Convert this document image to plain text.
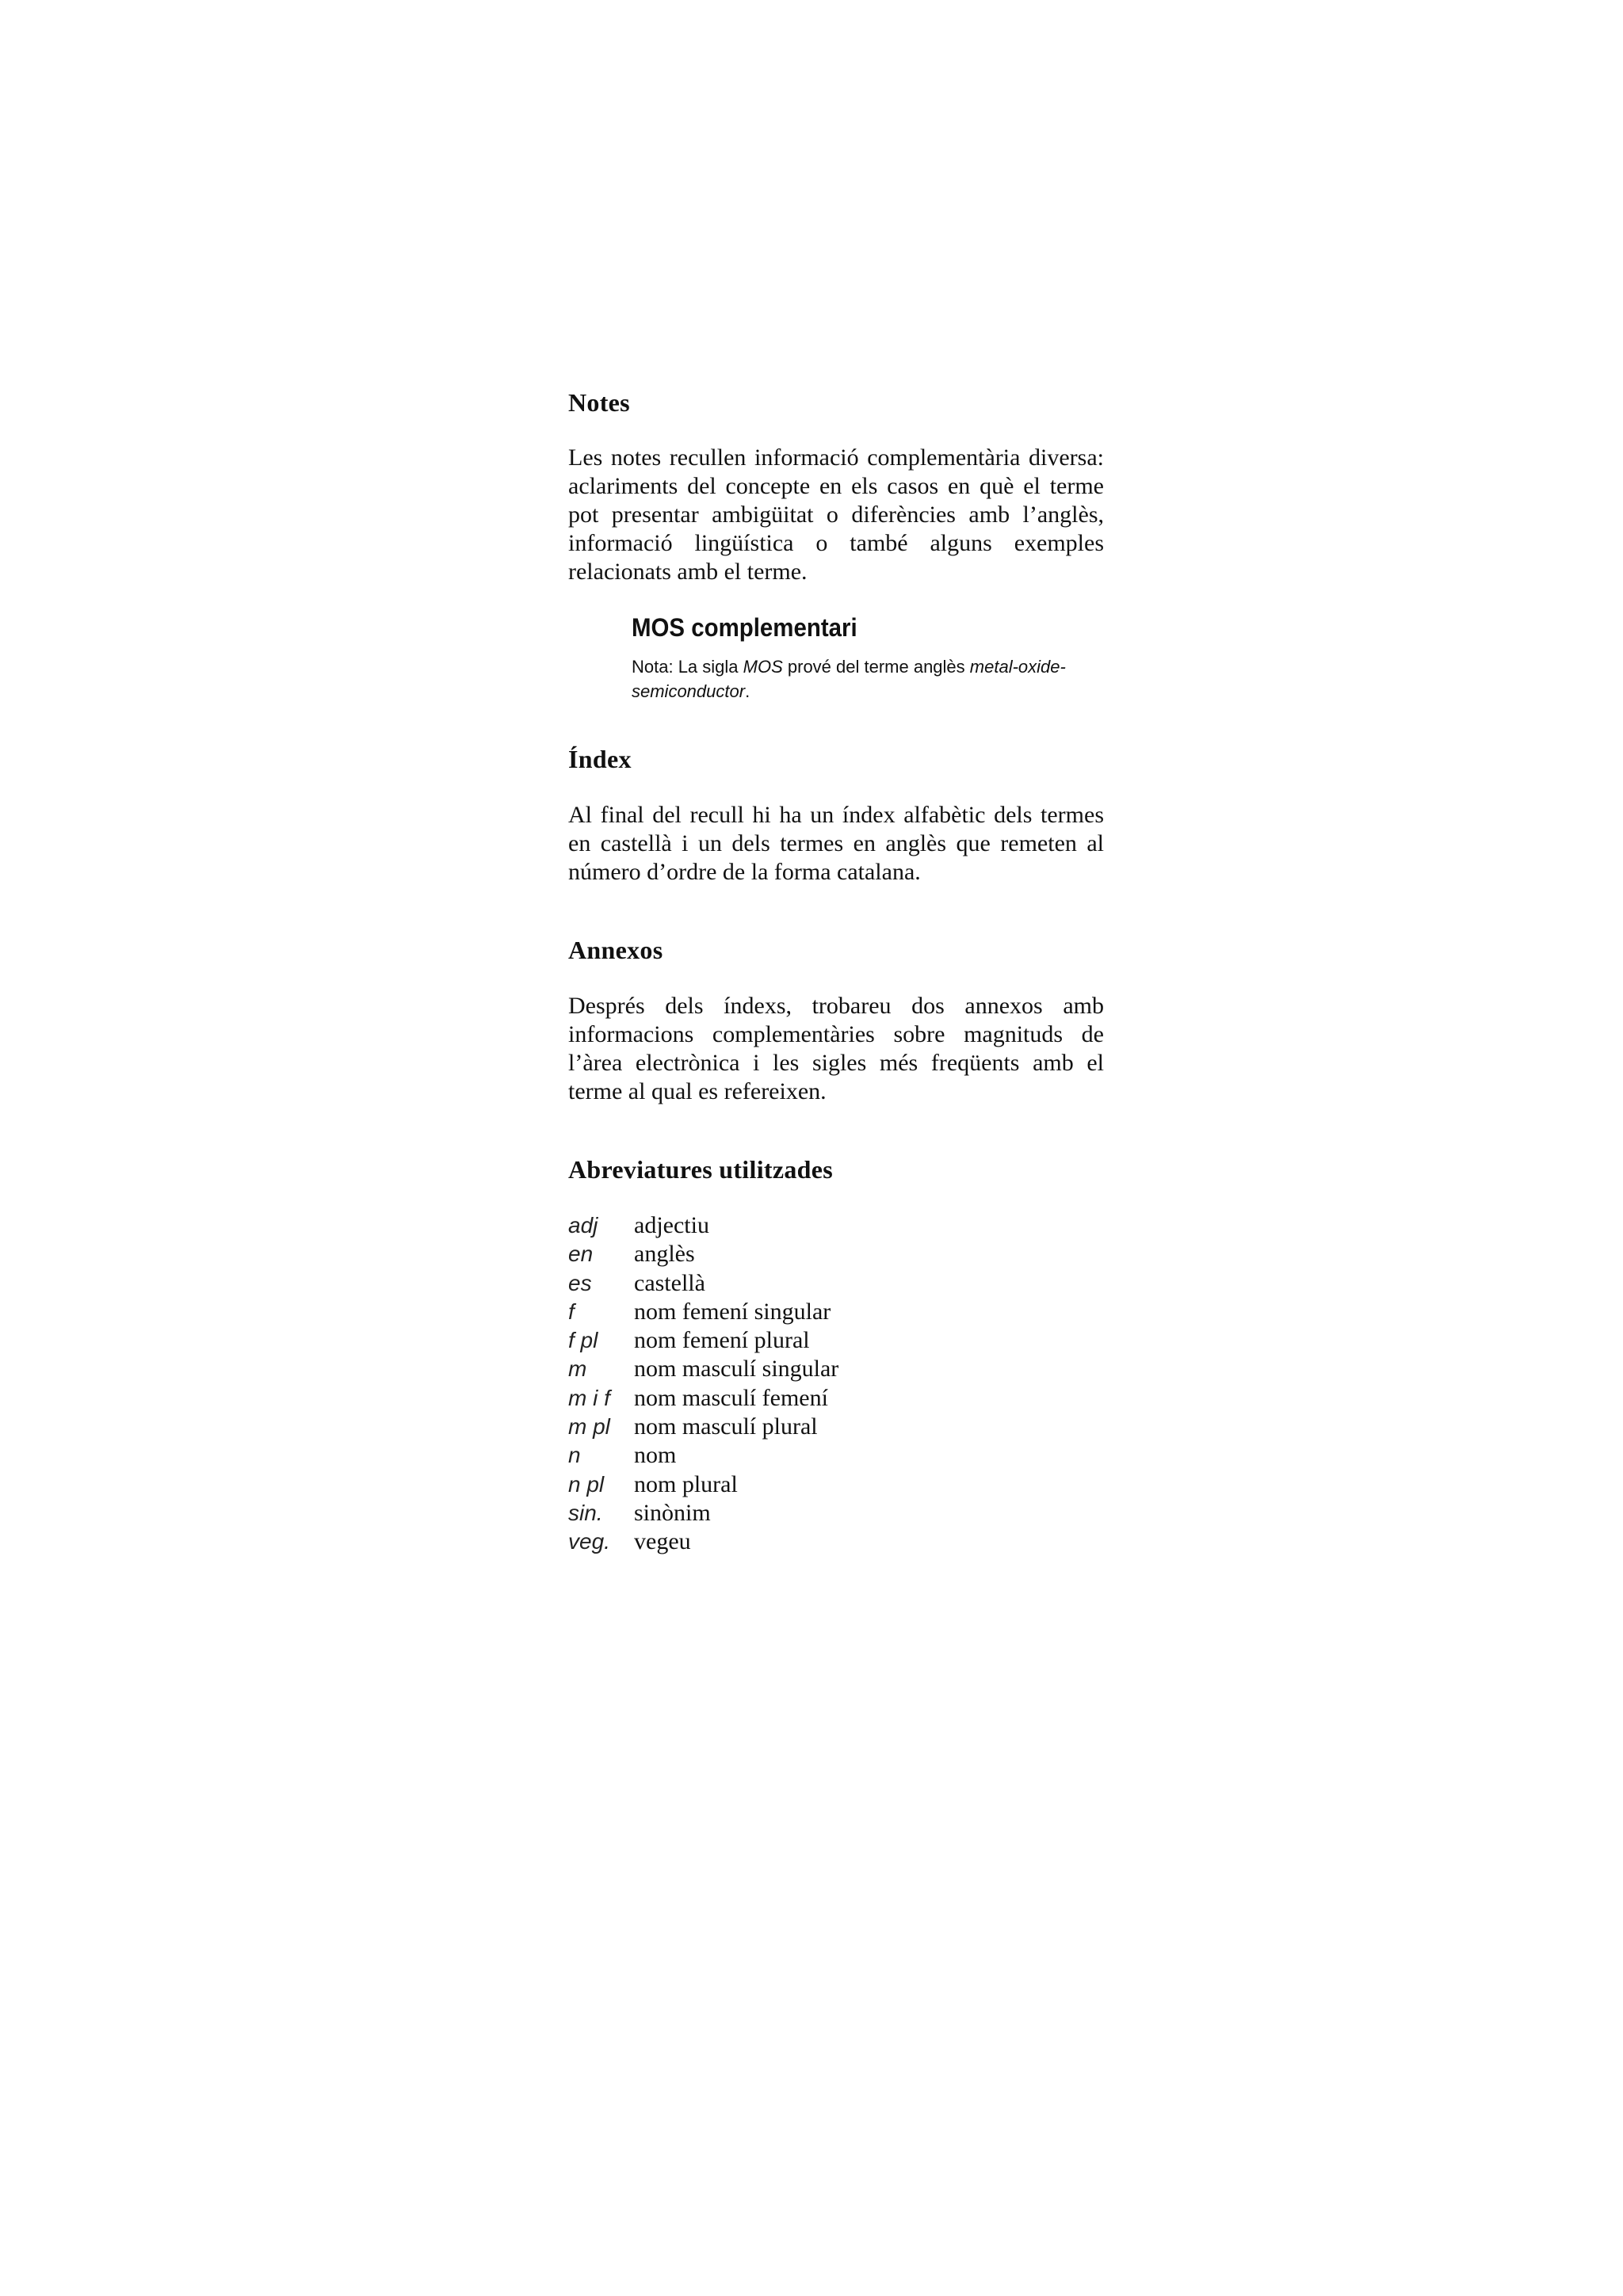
Notes

Les notes recullen informació complementària diversa: aclariments del concepte en els casos en què el terme pot presentar ambigüitat o diferències amb l’anglès, informació lingüística o també alguns exemples relacionats amb el terme.

MOS complementari
Nota: La sigla MOS prové del terme anglès metal-oxide-semiconductor.
Índex

Al final del recull hi ha un índex alfabètic dels termes en castellà i un dels termes en anglès que remeten al número d’ordre de la forma catalana.

Annexos

Després dels índexs, trobareu dos annexos amb informacions complementàries sobre magnituds de l’àrea electrònica i les sigles més freqüents amb el terme al qual es refereixen.

Abreviatures utilitzades
adj	adjectiu
en	anglès
es	castellà
f	nom femení singular
f pl	nom femení plural
m	nom masculí singular
m i f	nom masculí femení
m pl	nom masculí plural
n	nom
n pl	nom plural
sin.	sinònim
veg.	vegeu
